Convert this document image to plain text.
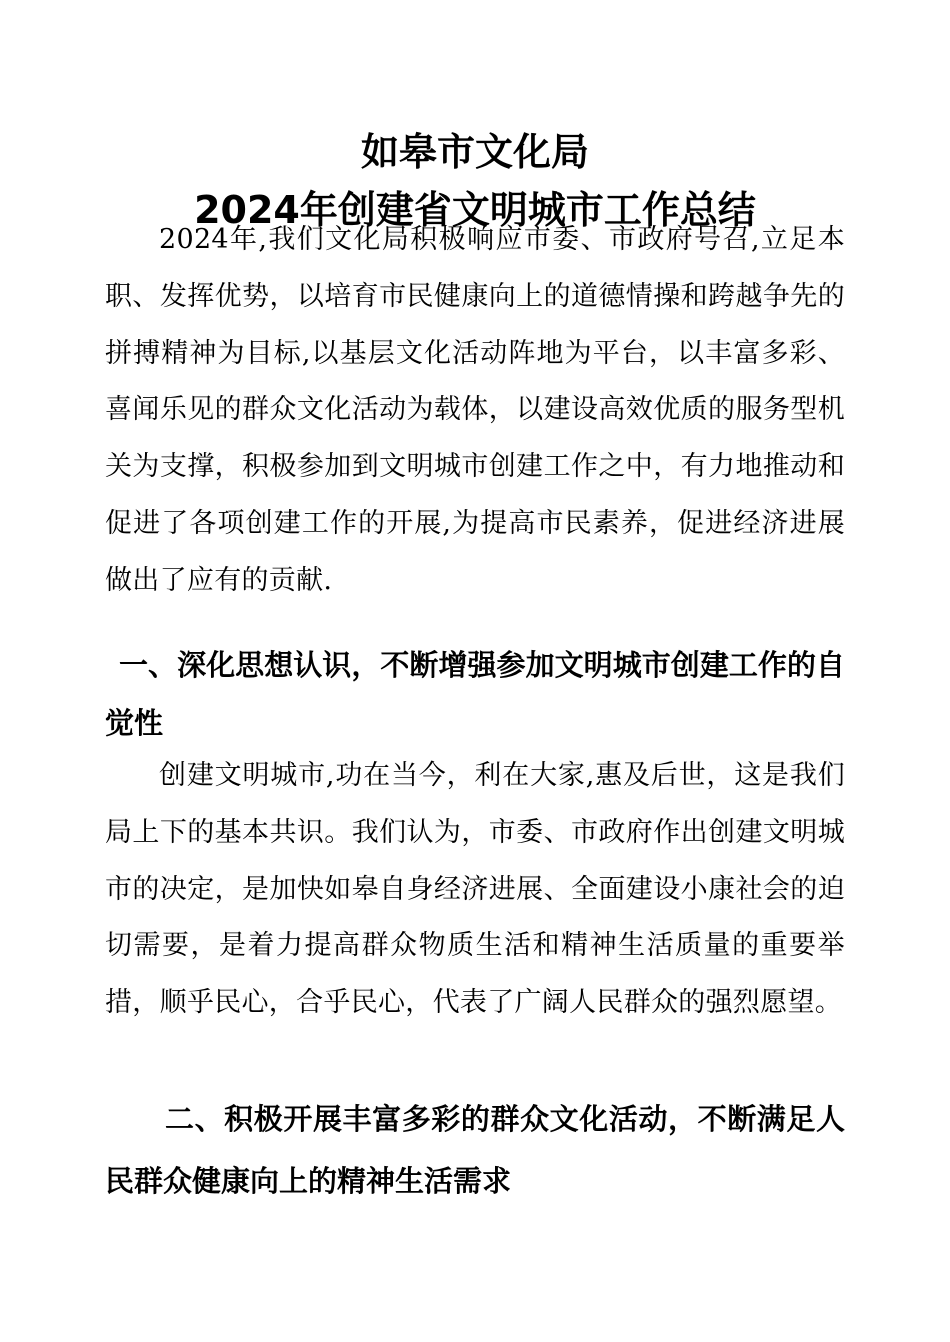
如皋市文化局
2024年创建省文明城市工作总结

2024年,我们文化局积极响应市委、市政府号召,立足本职、发挥优势，以培育市民健康向上的道德情操和跨越争先的拼搏精神为目标,以基层文化活动阵地为平台，以丰富多彩、喜闻乐见的群众文化活动为载体，以建设高效优质的服务型机关为支撑，积极参加到文明城市创建工作之中，有力地推动和促进了各项创建工作的开展,为提高市民素养，促进经济进展做出了应有的贡献.

一、深化思想认识，不断增强参加文明城市创建工作的自觉性

创建文明城市,功在当今，利在大家,惠及后世，这是我们局上下的基本共识。我们认为，市委、市政府作出创建文明城市的决定，是加快如皋自身经济进展、全面建设小康社会的迫切需要，是着力提高群众物质生活和精神生活质量的重要举措，顺乎民心，合乎民心，代表了广阔人民群众的强烈愿望。

二、积极开展丰富多彩的群众文化活动，不断满足人民群众健康向上的精神生活需求
